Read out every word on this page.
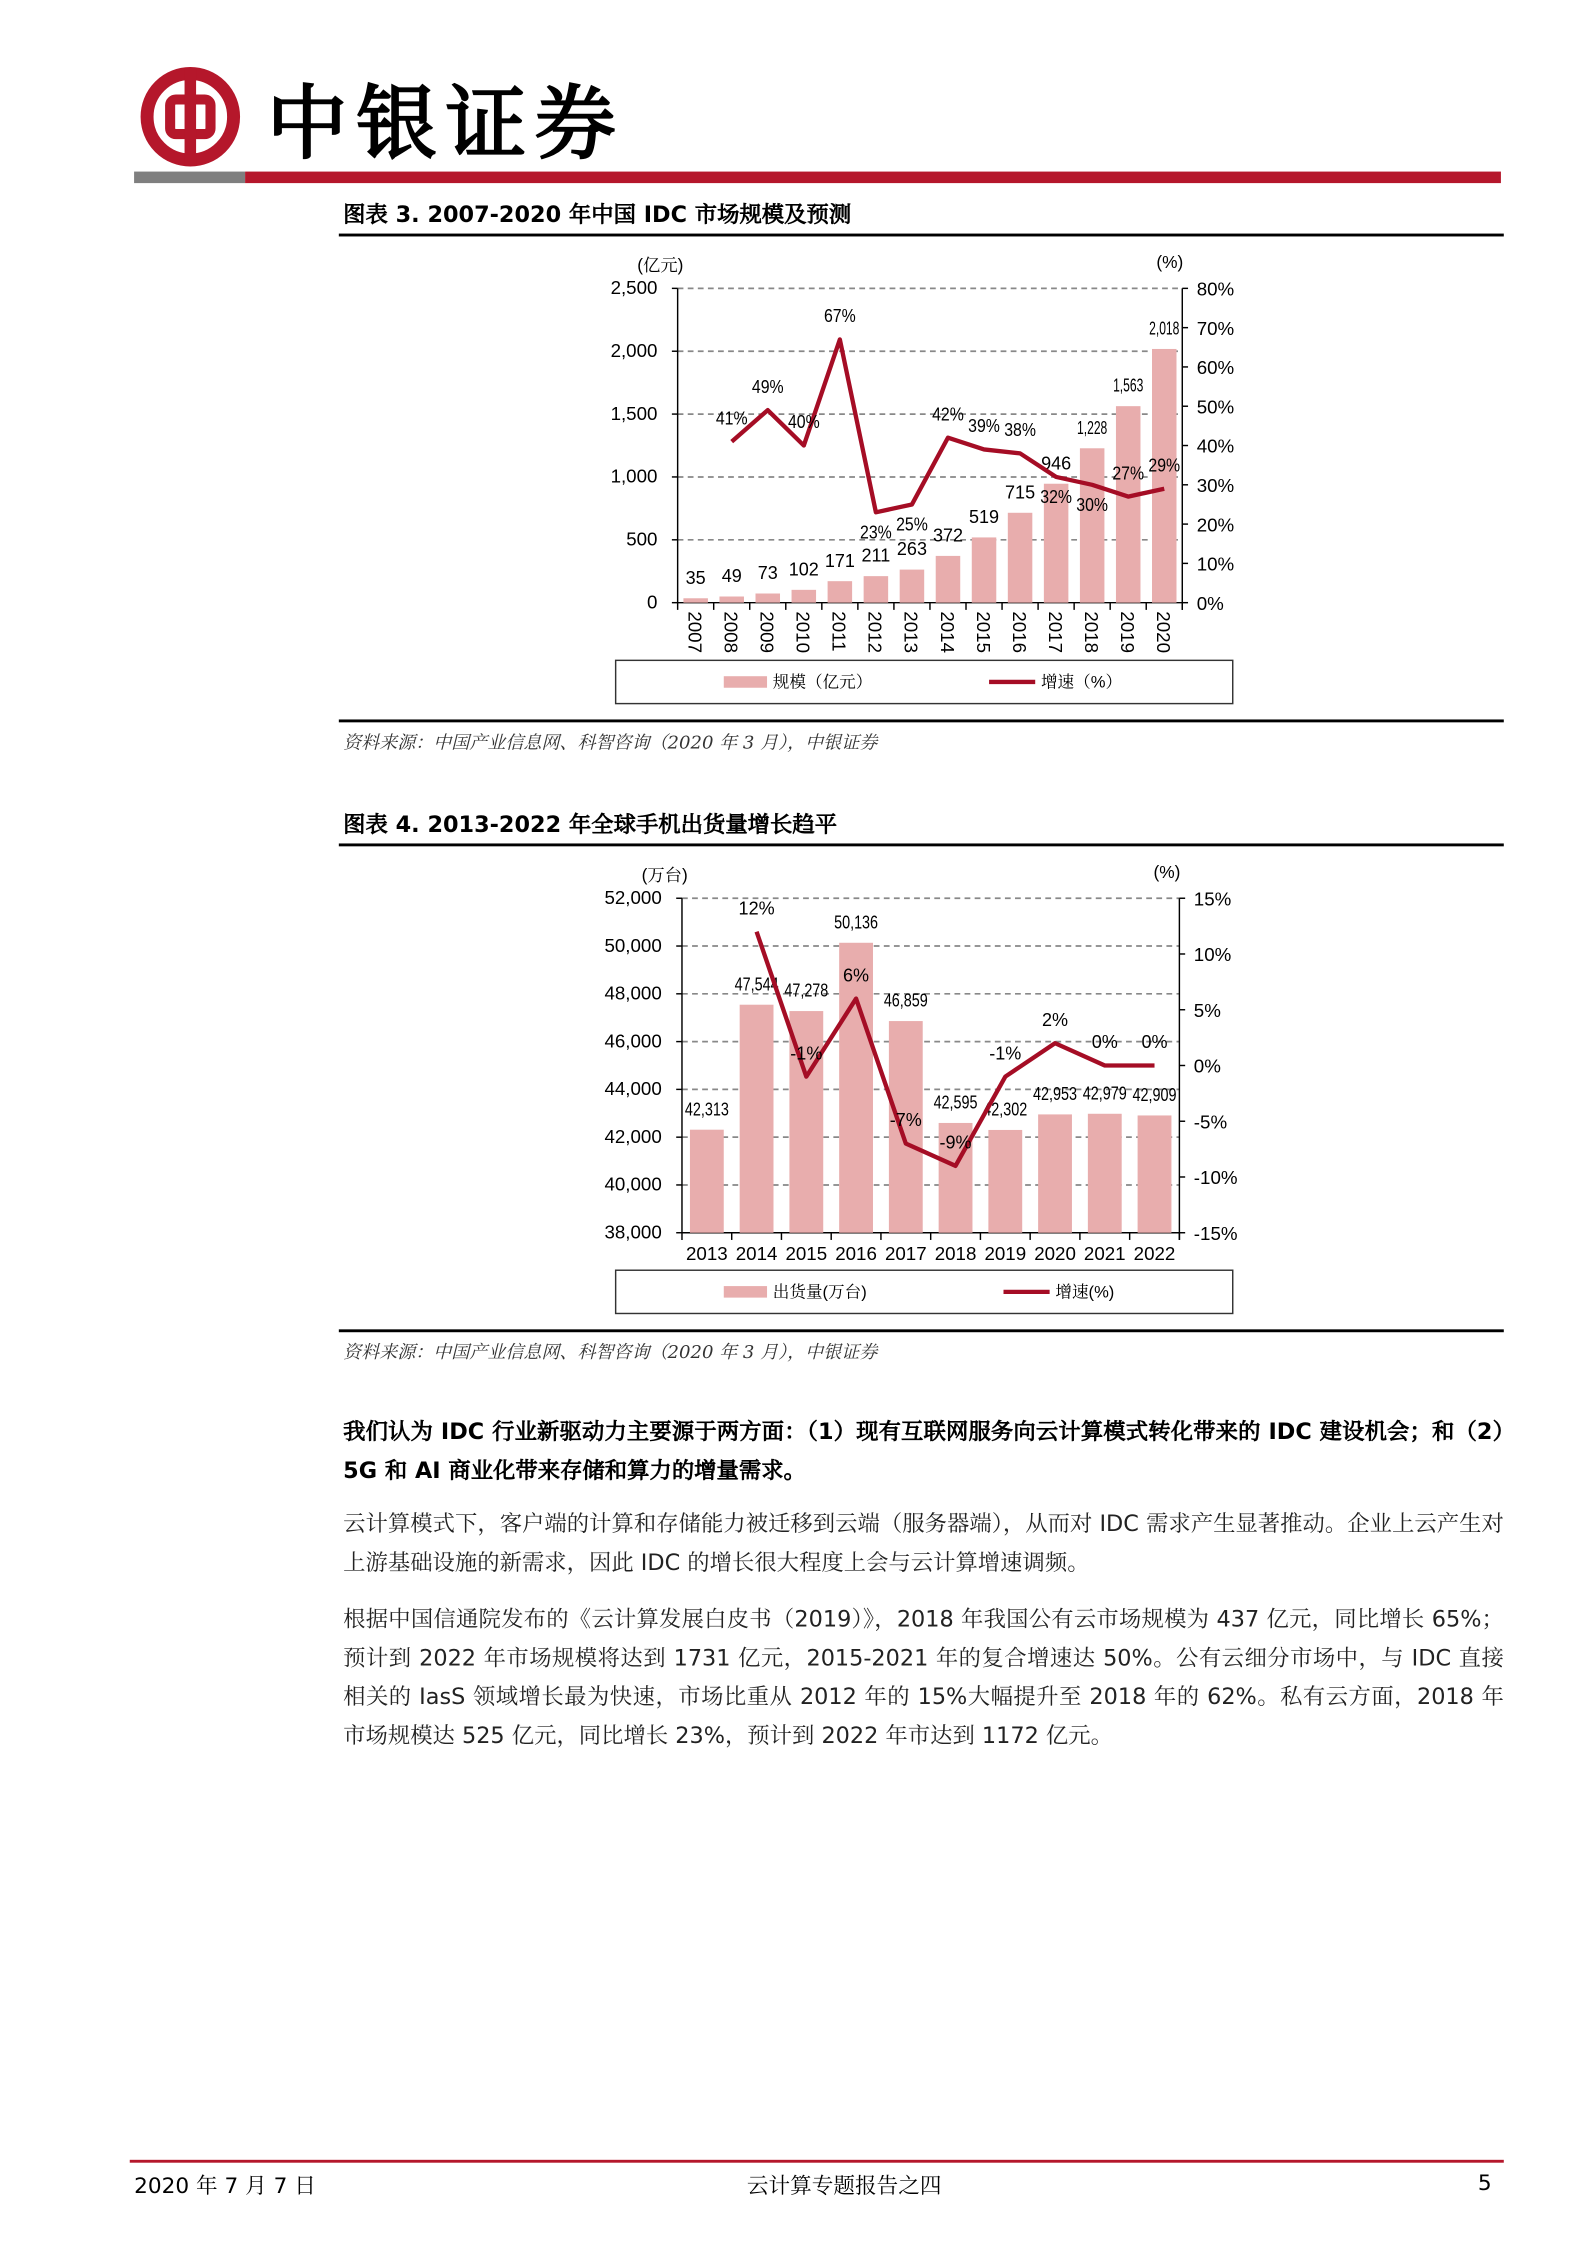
中银证券
图表 3. 2007-2020 年中国 IDC 市场规模及预测
0
500
1,000
1,500
2,000
2,500
0%
10%
20%
30%
40%
50%
60%
70%
80%
(亿元)	(%)
35
2007
49
2008
73
2009
102
2010
171
2011
211
2012
263
2013
372
2014
519
2015
715
2016
946
2017
1,228
2018
1,563
2019
2,018
2020
41%
49%
40%
67%
23% 25%
42%
39% 38%
32% 30%
27% 29%
规模（亿元）	增速（%）
资料来源：中国产业信息网、科智咨询（2020 年 3 月），中银证券
图表 4. 2013-2022 年全球手机出货量增长趋平
38,000
40,000
42,000
44,000
46,000
48,000
50,000
52,000
-15%
-10%
-5%
0%
5%
10%
15%
(万台)	(%)
42,313
2013
47,544
2014
47,278
2015
50,136
2016
46,859
2017
42,595
2018
42,302
2019
42,953
2020
42,979
2021
42,909
2022
12%
-1%
6%
-7%
-9%
-1%
2%
0% 0%
出货量(万台)	增速(%)
资料来源：中国产业信息网、科智咨询（2020 年 3 月），中银证券
我们认为 IDC 行业新驱动力主要源于两方面：（1）现有互联网服务向云计算模式转化带来的 IDC 建设机会；和（2）5G 和 AI 商业化带来存储和算力的增量需求。
云计算模式下，客户端的计算和存储能力被迁移到云端（服务器端），从而对 IDC 需求产生显著推动。企业上云产生对上游基础设施的新需求，因此 IDC 的增长很大程度上会与云计算增速调频。
根据中国信通院发布的《云计算发展白皮书（2019）》，2018 年我国公有云市场规模为 437 亿元，同比增长 65%；预计到 2022 年市场规模将达到 1731 亿元，2015-2021 年的复合增速达 50%。公有云细分市场中，与 IDC 直接相关的 IasS 领域增长最为快速，市场比重从 2012 年的 15%大幅提升至 2018 年的 62%。私有云方面，2018 年市场规模达 525 亿元，同比增长 23%，预计到 2022 年市达到 1172 亿元。
2020 年 7 月 7 日	云计算专题报告之四	5
